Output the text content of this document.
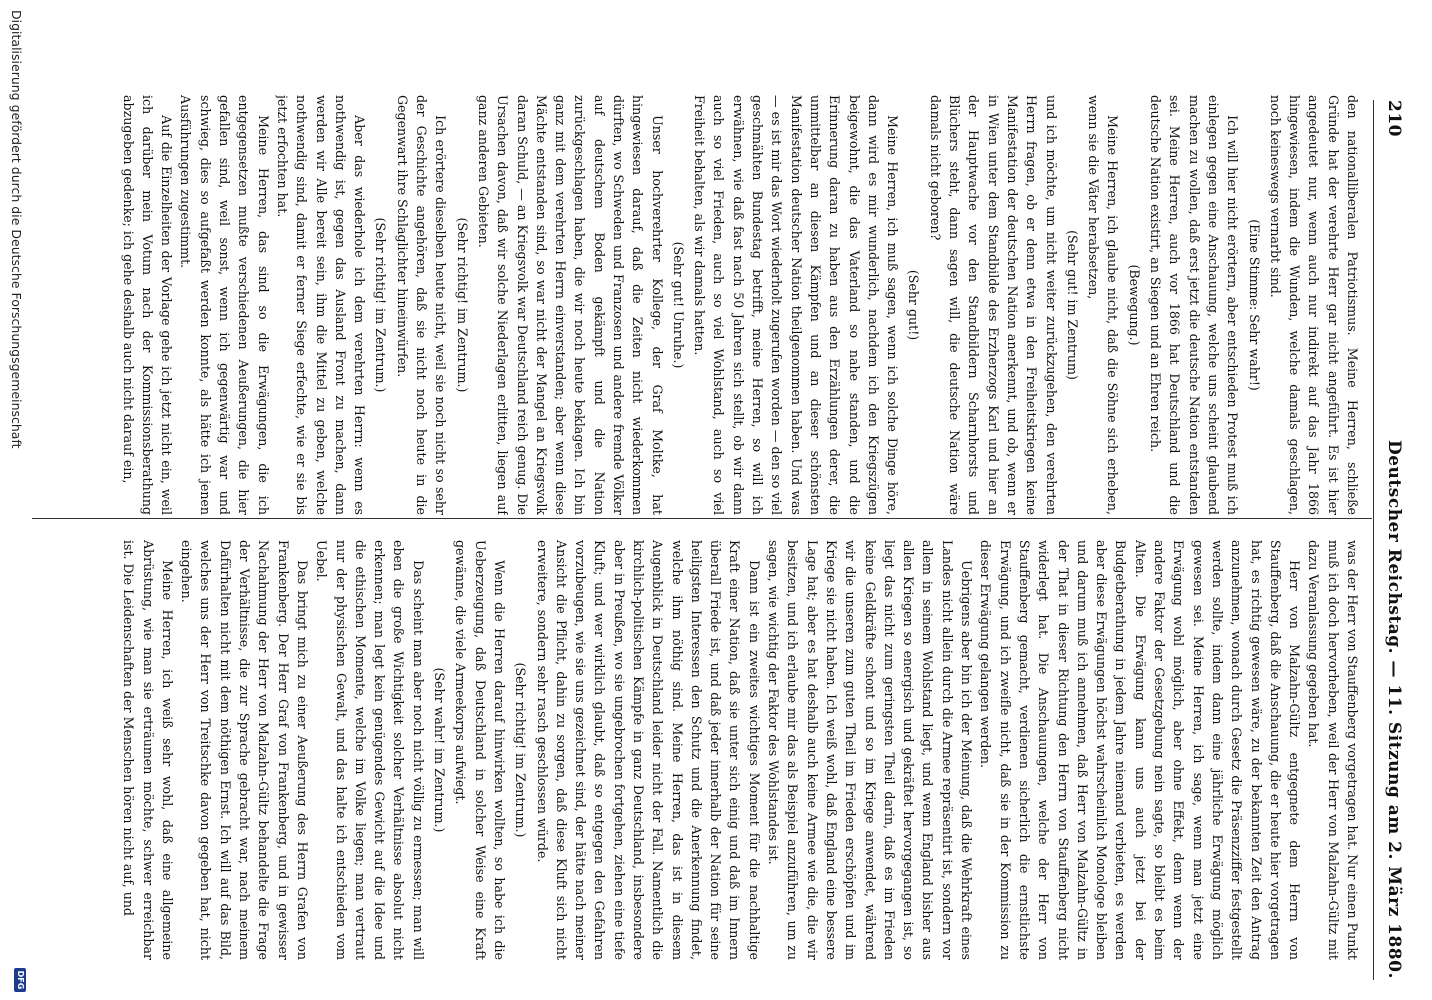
210
Deutscher Reichstag. — 11. Sitzung am 2. März 1880.

den nationalliberalen Patriotismus. Meine Herren, schließe Gründe hat der verehrte Herr gar nicht angeführt. Es ist hier angedeutet nur, wenn auch nur indirekt auf das Jahr 1866 hingewiesen, indem die Wunden, welche damals geschlagen, noch keineswegs vernarbt sind.

(Eine Stimme: Sehr wahr!)

Ich will hier nicht erörtern, aber entschieden Protest muß ich einlegen gegen eine Anschauung, welche uns scheint glaubend machen zu wollen, daß erst jetzt die deutsche Nation entstanden sei. Meine Herren, auch vor 1866 hat Deutschland und die deutsche Nation existirt, an Siegen und an Ehren reich.

(Bewegung.)

Meine Herren, ich glaube nicht, daß die Söhne sich erheben, wenn sie die Väter herabsetzen,

(Sehr gut! im Zentrum)

und ich möchte, um nicht weiter zurückzugehen, den verehrten Herrn fragen, ob er denn etwa in den Freiheitskriegen keine Manifestation der deutschen Nation anerkennt, und ob, wenn er in Wien unter dem Standbilde des Erzherzogs Karl und hier an der Hauptwache vor den Standbildern Scharnhorsts und Blüchers steht, dann sagen will, die deutsche Nation wäre damals nicht geboren?

(Sehr gut!)

Meine Herren, ich muß sagen, wenn ich solche Dinge höre, dann wird es mir wunderlich, nachdem ich den Kriegszügen beigewohnt, die das Vaterland so nahe standen, und die Erinnerung daran zu haben aus den Erzählungen derer, die unmittelbar an diesen Kämpfen und an dieser schönsten Manifestation deutscher Nation theilgenommen haben. Und was — es ist mir das Wort wiederholt zugerufen worden — den so viel geschmähten Bundestag betrifft, meine Herren, so will ich erwähnen, wie daß fast nach 50 Jahren sich stellt, ob wir dann auch so viel Frieden, auch so viel Wohlstand, auch so viel Freiheit behalten, als wir damals hatten.

(Sehr gut! Unruhe.)

Unser hochverehrter Kollege, der Graf Moltke, hat hingewiesen darauf, daß die Zeiten nicht wiederkommen dürften, wo Schweden und Franzosen und andere fremde Völker auf deutschem Boden gekämpft und die Nation zurückgeschlagen haben, die wir noch heute beklagen. Ich bin ganz mit dem verehrten Herrn einverstanden; aber wenn diese Mächte entstanden sind, so war nicht der Mangel an Kriegsvolk daran Schuld, — an Kriegsvolk war Deutschland reich genug. Die Ursachen davon, daß wir solche Niederlagen erlitten, liegen auf ganz anderen Gebieten.

(Sehr richtig! im Zentrum.)

Ich erörtere dieselben heute nicht, weil sie noch nicht so sehr der Geschichte angehören, daß sie nicht noch heute in die Gegenwart ihre Schlaglichter hineinwürfen.

(Sehr richtig! im Zentrum.)

Aber das wiederhole ich dem verehrten Herrn: wenn es nothwendig ist, gegen das Ausland Front zu machen, dann werden wir Alle bereit sein, ihm die Mittel zu geben, welche nothwendig sind, damit er ferner Siege erfechte, wie er sie bis jetzt erfochten hat.

Meine Herren, das sind so die Erwägungen, die ich entgegensetzen mußte verschiedenen Aeußerungen, die hier gefallen sind, weil sonst, wenn ich gegenwärtig war und schwieg, dies so aufgefaßt werden konnte, als hätte ich jenen Ausführungen zugestimmt.

Auf die Einzelheiten der Vorlage gehe ich jetzt nicht ein, weil ich darüber mein Votum nach der Kommissionsberathung abzugeben gedenke; ich gehe deshalb auch nicht darauf ein,

was der Herr von Stauffenberg vorgetragen hat. Nur einen Punkt muß ich doch hervorheben, weil der Herr von Malzahn-Gültz mit dazu Veranlassung gegeben hat.

Herr von Malzahn-Gültz entgegnete dem Herrn von Stauffenberg, daß die Anschauung, die er heute hier vorgetragen hat, es richtig gewesen wäre, zu der bekannten Zeit den Antrag anzunehmen, wonach durch Gesetz die Präsenzziffer festgestellt werden sollte, indem dann eine jährliche Erwägung möglich gewesen sei. Meine Herren, ich sage, wenn man jetzt eine Erwägung wohl möglich, aber ohne Effekt, denn wenn der andere Faktor der Gesetzgebung nein sagte, so bleibt es beim Alten. Die Erwägung kann uns auch jetzt bei der Budgetberathung in jedem Jahre niemand verbieten, es werden aber diese Erwägungen höchst wahrscheinlich Monologe bleiben und darum muß ich annehmen, daß Herr von Malzahn-Gültz in der That in dieser Richtung den Herrn von Stauffenberg nicht widerlegt hat. Die Anschauungen, welche der Herr von Stauffenberg gemacht, verdienen sicherlich die ernstlichste Erwägung, und ich zweifle nicht, daß sie in der Kommission zu dieser Erwägung gelangen werden.

Uebrigens aber bin ich der Meinung, daß die Wehrkraft eines Landes nicht allein durch die Armee repräsentirt ist, sondern vor allem in seinem Wohlstand liegt, und wenn England bisher aus allen Kriegen so energisch und gekräftet hervorgegangen ist, so liegt das nicht zum geringsten Theil darin, daß es im Frieden keine Geldkräfte schont und so im Kriege anwendet, während wir die unseren zum guten Theil im Frieden erschöpfen und im Kriege sie nicht haben. Ich weiß wohl, daß England eine bessere Lage hat; aber es hat deshalb auch keine Armee wie die, die wir besitzen, und ich erlaube mir das als Beispiel anzuführen, um zu sagen, wie wichtig der Faktor des Wohlstandes ist.

Dann ist ein zweites wichtiges Moment für die nachhaltige Kraft einer Nation, daß sie unter sich einig und daß im Innern überall Friede ist, und daß jeder innerhalb der Nation für seine heiligsten Interessen den Schutz und die Anerkennung findet, welche ihm nöthig sind. Meine Herren, das ist in diesem Augenblick in Deutschland leider nicht der Fall. Namentlich die kirchlich-politischen Kämpfe in ganz Deutschland, insbesondere aber in Preußen, wo sie ungebrochen fortgehen, ziehen eine tiefe Kluft; und wer wirklich glaubt, daß so entgegen den Gefahren vorzubeugen, wie sie uns gezeichnet sind, der hätte nach meiner Ansicht die Pflicht, dahin zu sorgen, daß diese Kluft sich nicht erweitere, sondern sehr rasch geschlossen würde.

(Sehr richtig! im Zentrum.)

Wenn die Herren darauf hinwirken wollten, so habe ich die Ueberzeugung, daß Deutschland in solcher Weise eine Kraft gewänne, die viele Armeekorps aufwiegt.

(Sehr wahr! im Zentrum.)

Das scheint man aber noch nicht völlig zu ermessen; man will eben die große Wichtigkeit solcher Verhältnisse absolut nicht erkennen; man legt kein genügendes Gewicht auf die Idee und die ethischen Momente, welche im Volke liegen; man vertraut nur der physischen Gewalt, und das halte ich entschieden vom Uebel.

Das bringt mich zu einer Aeußerung des Herrn Grafen von Frankenberg. Der Herr Graf von Frankenberg, und in gewisser Nachahmung der Herr von Malzahn-Gültz behandelte die Frage der Verhältnisse, die zur Sprache gebracht war, nach meinem Dafürhalten nicht mit dem nöthigen Ernst. Ich will auf das Bild, welches uns der Herr von Treitschke davon gegeben hat, nicht eingehen.

Meine Herren, ich weiß sehr wohl, daß eine allgemeine Abrüstung, wie man sie erträumen möchte, schwer erreichbar ist. Die Leidenschaften der Menschen hören nicht auf, und

Digitalisierung gefördert durch die Deutsche Forschungsgemeinschaft
DFG
